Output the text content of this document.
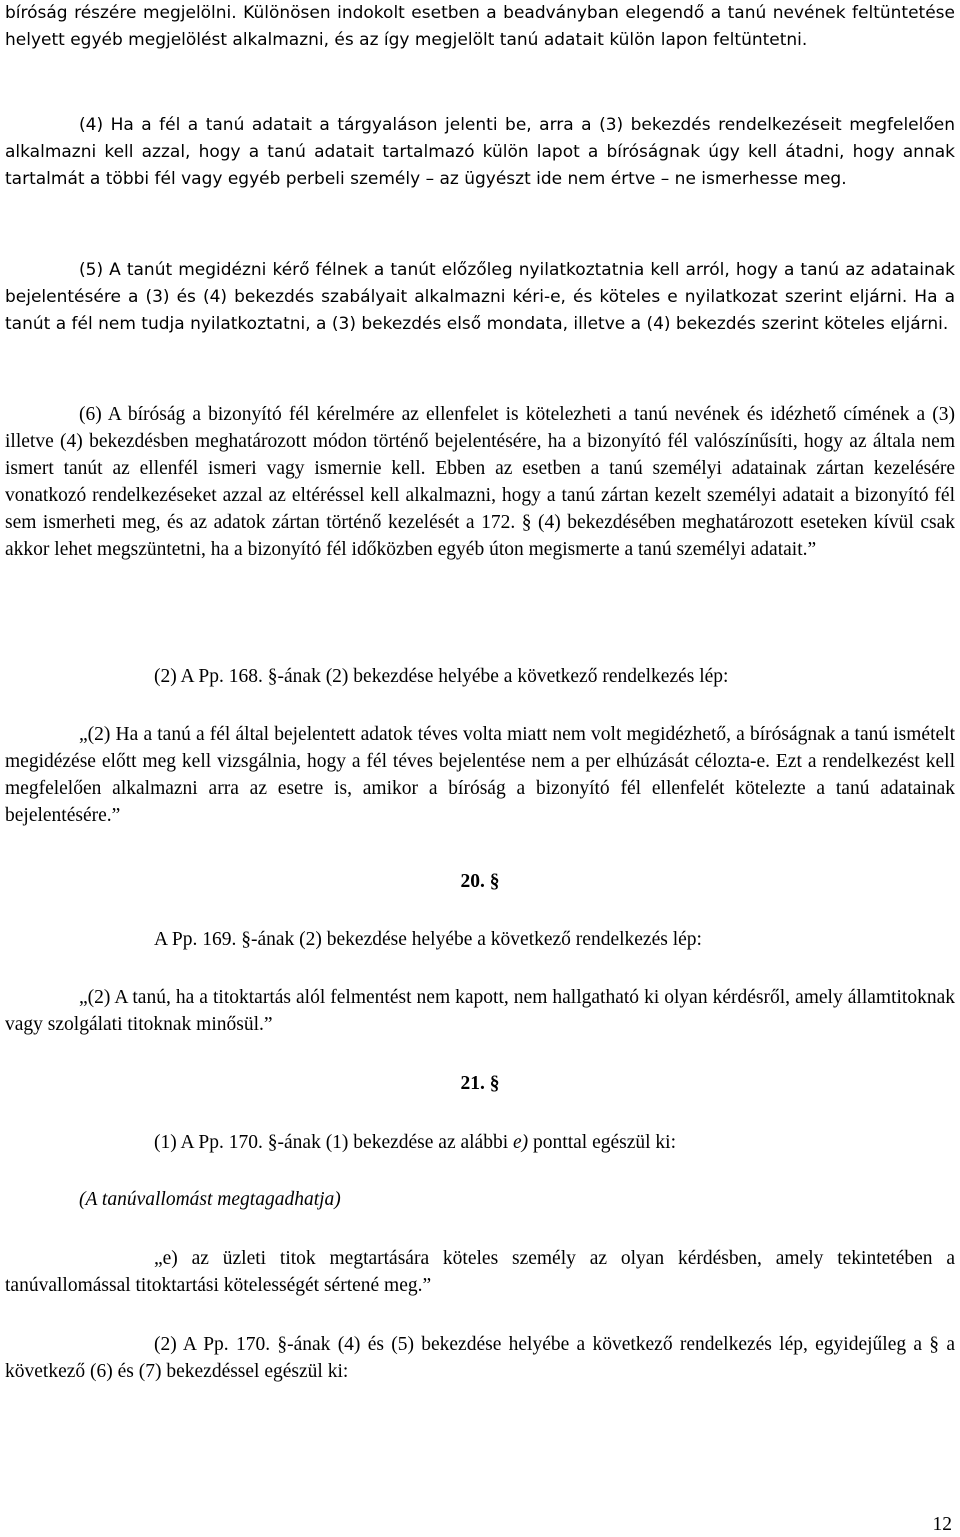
bíróság részére megjelölni. Különösen indokolt esetben a beadványban elegendő a tanú nevének feltüntetése helyett egyéb megjelölést alkalmazni, és az így megjelölt tanú adatait külön lapon feltüntetni.

(4) Ha a fél a tanú adatait a tárgyaláson jelenti be, arra a (3) bekezdés rendelkezéseit megfelelően alkalmazni kell azzal, hogy a tanú adatait tartalmazó külön lapot a bíróságnak úgy kell átadni, hogy annak tartalmát a többi fél vagy egyéb perbeli személy – az ügyészt ide nem értve – ne ismerhesse meg.

(5) A tanút megidézni kérő félnek a tanút előzőleg nyilatkoztatnia kell arról, hogy a tanú az adatainak bejelentésére a (3) és (4) bekezdés szabályait alkalmazni kéri-e, és köteles e nyilatkozat szerint eljárni. Ha a tanút a fél nem tudja nyilatkoztatni, a (3) bekezdés első mondata, illetve a (4) bekezdés szerint köteles eljárni.

(6) A bíróság a bizonyító fél kérelmére az ellenfelet is kötelezheti a tanú nevének és idézhető címének a (3) illetve (4) bekezdésben meghatározott módon történő bejelentésére, ha a bizonyító fél valószínűsíti, hogy az általa nem ismert tanút az ellenfél ismeri vagy ismernie kell. Ebben az esetben a tanú személyi adatainak zártan kezelésére vonatkozó rendelkezéseket azzal az eltéréssel kell alkalmazni, hogy a tanú zártan kezelt személyi adatait a bizonyító fél sem ismerheti meg, és az adatok zártan történő kezelését a 172. § (4) bekezdésében meghatározott eseteken kívül csak akkor lehet megszüntetni, ha a bizonyító fél időközben egyéb úton megismerte a tanú személyi adatait.”

(2) A Pp. 168. §-ának (2) bekezdése helyébe a következő rendelkezés lép:

„(2) Ha a tanú a fél által bejelentett adatok téves volta miatt nem volt megidézhető, a bíróságnak a tanú ismételt megidézése előtt meg kell vizsgálnia, hogy a fél téves bejelentése nem a per elhúzását célozta-e. Ezt a rendelkezést kell megfelelően alkalmazni arra az esetre is, amikor a bíróság a bizonyító fél ellenfelét kötelezte a tanú adatainak bejelentésére.”

20. §

A Pp. 169. §-ának (2) bekezdése helyébe a következő rendelkezés lép:

„(2) A tanú, ha a titoktartás alól felmentést nem kapott, nem hallgatható ki olyan kérdésről, amely államtitoknak vagy szolgálati titoknak minősül.”

21. §

(1) A Pp. 170. §-ának (1) bekezdése az alábbi e) ponttal egészül ki:

(A tanúvallomást megtagadhatja)

„e) az üzleti titok megtartására köteles személy az olyan kérdésben, amely tekintetében a tanúvallomással titoktartási kötelességét sértené meg.”

(2) A Pp. 170. §-ának (4) és (5) bekezdése helyébe a következő rendelkezés lép, egyidejűleg a § a következő (6) és (7) bekezdéssel egészül ki:

12
